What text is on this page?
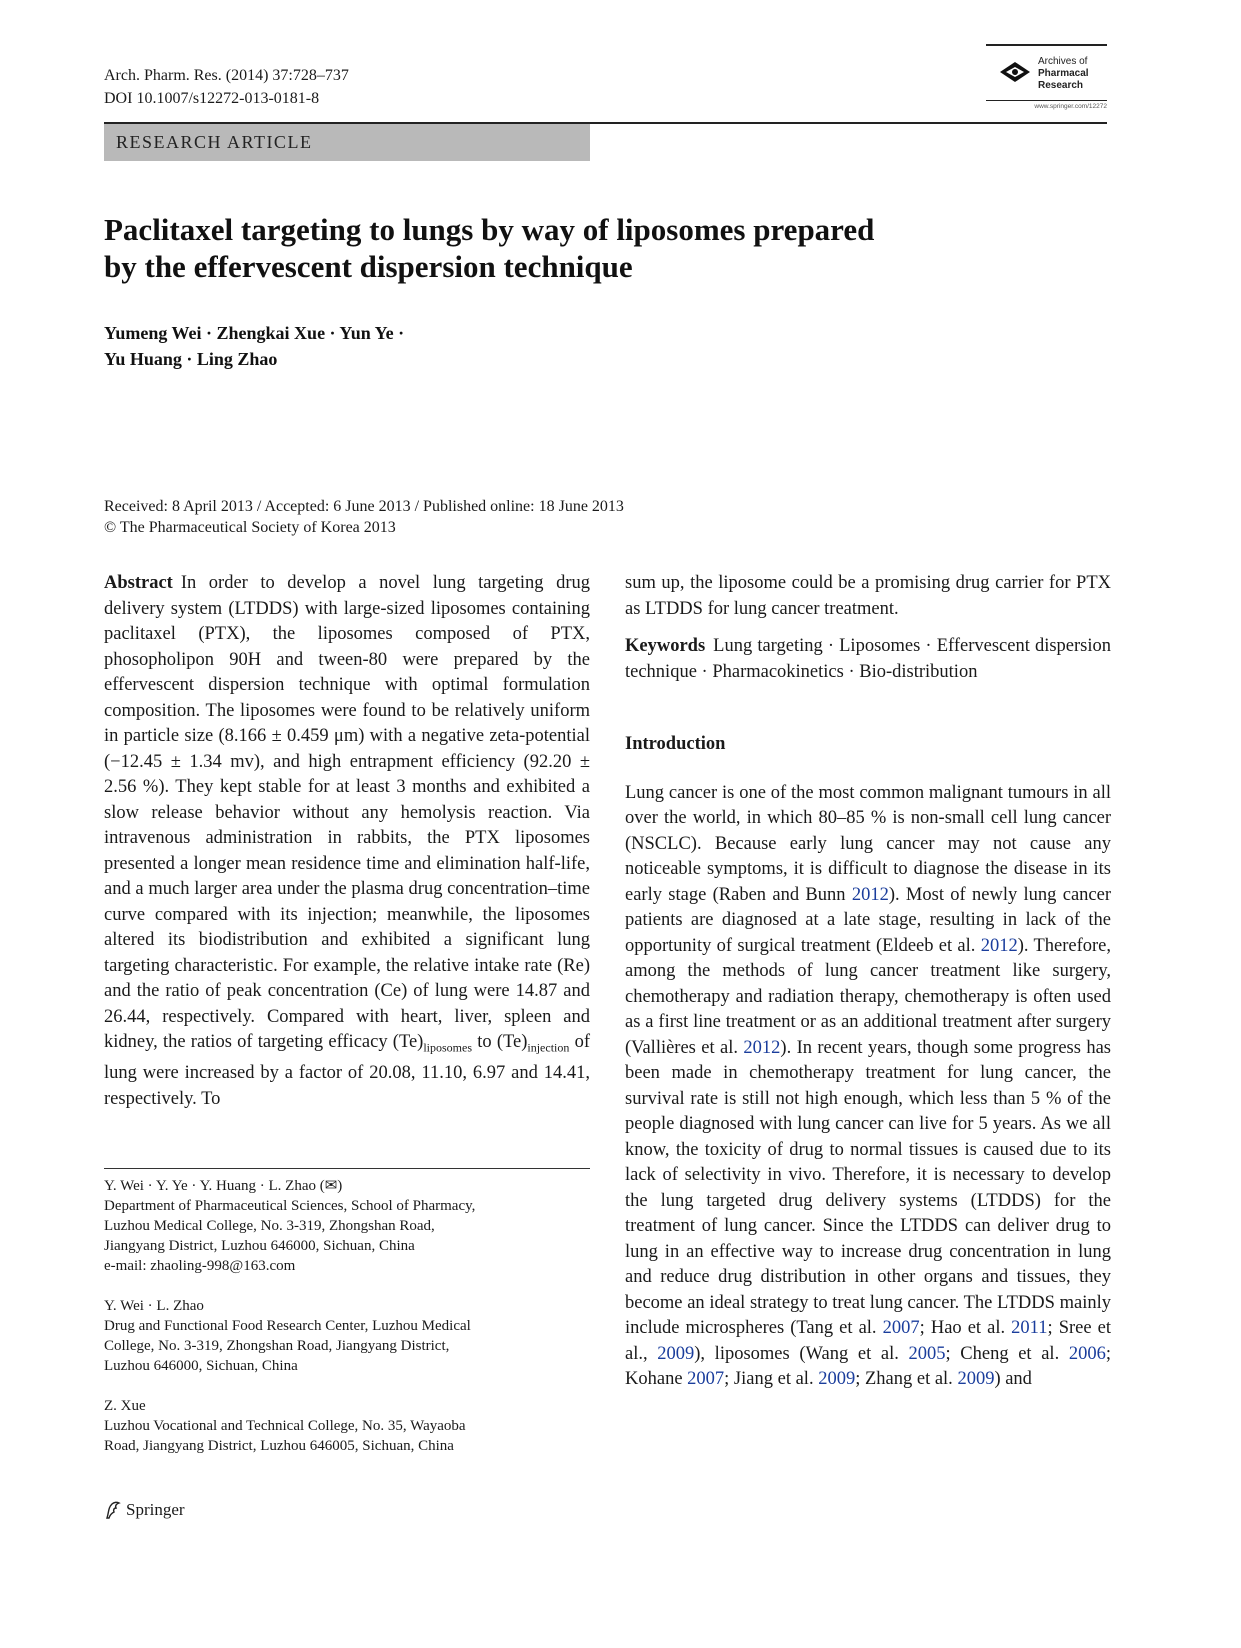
Arch. Pharm. Res. (2014) 37:728–737
DOI 10.1007/s12272-013-0181-8
Archives of
Pharmacal
Research
www.springer.com/12272
RESEARCH ARTICLE
Paclitaxel targeting to lungs by way of liposomes prepared
by the effervescent dispersion technique
Yumeng Wei · Zhengkai Xue · Yun Ye ·
Yu Huang · Ling Zhao
Received: 8 April 2013 / Accepted: 6 June 2013 / Published online: 18 June 2013
© The Pharmaceutical Society of Korea 2013

Abstract In order to develop a novel lung targeting drug delivery system (LTDDS) with large-sized liposomes containing paclitaxel (PTX), the liposomes composed of PTX, phosopholipon 90H and tween-80 were prepared by the effervescent dispersion technique with optimal formulation composition. The liposomes were found to be relatively uniform in particle size (8.166 ± 0.459 μm) with a negative zeta-potential (−12.45 ± 1.34 mv), and high entrapment efficiency (92.20 ± 2.56 %). They kept stable for at least 3 months and exhibited a slow release behavior without any hemolysis reaction. Via intravenous administration in rabbits, the PTX liposomes presented a longer mean residence time and elimination half-life, and a much larger area under the plasma drug concentration–time curve compared with its injection; meanwhile, the liposomes altered its biodistribution and exhibited a significant lung targeting characteristic. For example, the relative intake rate (Re) and the ratio of peak concentration (Ce) of lung were 14.87 and 26.44, respectively. Compared with heart, liver, spleen and kidney, the ratios of targeting efficacy $(Te)_{liposomes}$ to $(Te)_{injection}$ of lung were increased by a factor of 20.08, 11.10, 6.97 and 14.41, respectively. To

Y. Wei · Y. Ye · Y. Huang · L. Zhao (✉)
Department of Pharmaceutical Sciences, School of Pharmacy,
Luzhou Medical College, No. 3-319, Zhongshan Road,
Jiangyang District, Luzhou 646000, Sichuan, China
e-mail: zhaoling-998@163.com
Y. Wei · L. Zhao
Drug and Functional Food Research Center, Luzhou Medical
College, No. 3-319, Zhongshan Road, Jiangyang District,
Luzhou 646000, Sichuan, China
Z. Xue
Luzhou Vocational and Technical College, No. 35, Wayaoba
Road, Jiangyang District, Luzhou 646005, Sichuan, China

sum up, the liposome could be a promising drug carrier for PTX as LTDDS for lung cancer treatment.

Keywords Lung targeting · Liposomes · Effervescent dispersion technique · Pharmacokinetics · Bio-distribution

Introduction

Lung cancer is one of the most common malignant tumours in all over the world, in which 80–85 % is non-small cell lung cancer (NSCLC). Because early lung cancer may not cause any noticeable symptoms, it is difficult to diagnose the disease in its early stage (Raben and Bunn 2012). Most of newly lung cancer patients are diagnosed at a late stage, resulting in lack of the opportunity of surgical treatment (Eldeeb et al. 2012). Therefore, among the methods of lung cancer treatment like surgery, chemotherapy and radiation therapy, chemotherapy is often used as a first line treatment or as an additional treatment after surgery (Vallières et al. 2012). In recent years, though some progress has been made in chemotherapy treatment for lung cancer, the survival rate is still not high enough, which less than 5 % of the people diagnosed with lung cancer can live for 5 years. As we all know, the toxicity of drug to normal tissues is caused due to its lack of selectivity in vivo. Therefore, it is necessary to develop the lung targeted drug delivery systems (LTDDS) for the treatment of lung cancer. Since the LTDDS can deliver drug to lung in an effective way to increase drug concentration in lung and reduce drug distribution in other organs and tissues, they become an ideal strategy to treat lung cancer. The LTDDS mainly include microspheres (Tang et al. 2007; Hao et al. 2011; Sree et al., 2009), liposomes (Wang et al. 2005; Cheng et al. 2006; Kohane 2007; Jiang et al. 2009; Zhang et al. 2009) and

Springer
